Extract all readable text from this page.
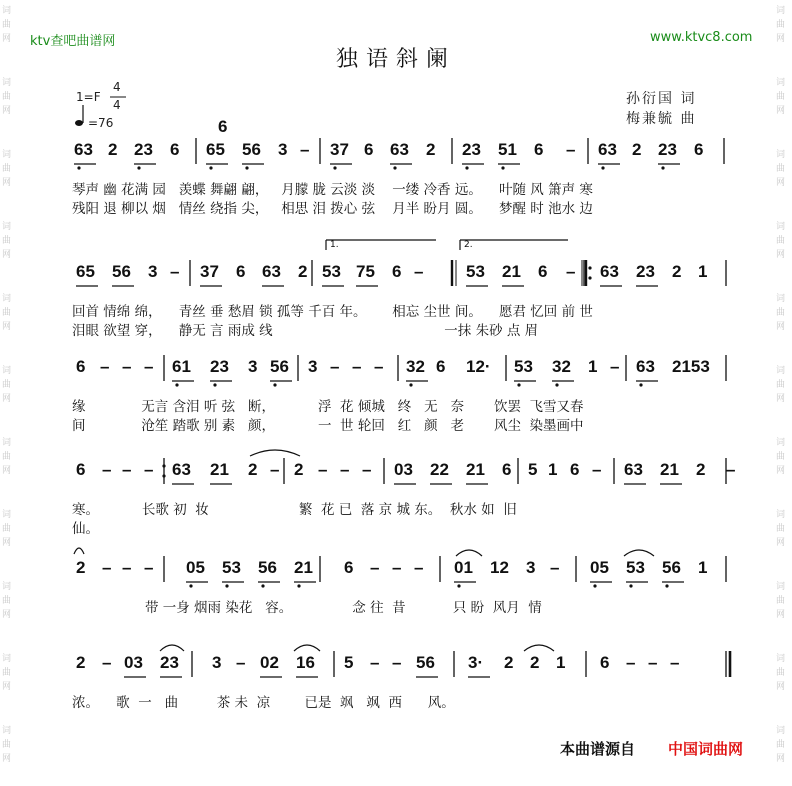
词
曲
网
词
曲
网
词
曲
网
词
曲
网
词
曲
网
词
曲
网
词
曲
网
词
曲
网
词
曲
网
词
曲
网
词
曲
网
词
曲
网
词
曲
网
词
曲
网
词
曲
网
词
曲
网
词
曲
网
词
曲
网
词
曲
网
词
曲
网
词
曲
网
词
曲
网
ktv查吧曲谱网	www.ktvc8.com
独语斜阑
1=F
4
4
=76
孙衍国 词
梅兼毓 曲
6
63 2 23 6 65 56 3 – 37 6 63 2 23 51 6 – 63 2 23 6
琴声 幽 花满 园   羡蝶 舞翩 翩，   月朦 胧 云淡 淡    一缕 冷香 远。    叶随 风 箫声 寒
残阳 退 柳以 烟   情丝 绕指 尖，   相思 泪 拨心 弦    月半 盼月 圆。    梦醒 时 池水 边
65 56 3 – 37 6 63 2 53 75 6 –	53 21 6 – 63 23 2 1
回首 情绵 绵，    青丝 垂 愁眉 锁 孤等 千百 年。      相忘 尘世 间。    愿君 忆回 前 世
泪眼 欲望 穿，    静无 言 雨成 线                                        一抹 朱砂 点 眉
1.	2.
6 – – – 61 23 3 56 3 – – – 32 6 12· 53 32 1 – 63 2153
缘             无言 含泪 听 弦   断，          浮  花 倾城   终   无   奈       饮罢  飞雪又春
间             沧笙 踏歌 别 素   颜，          一  世 轮回   红   颜   老       风尘  染墨画中
6 – – – 63 21 2 – 2 – – – 03 22 21 6 5 1 6 – 63 21 2 –
寒。          长歌 初  妆                     繁  花 已  落 京 城 东。  秋水 如  旧
仙。
2 – – – 05 53 56 21 6 – – – 01 12 3 – 05 53 56 1
带 一身 烟雨 染花   容。              念 往  昔           只 盼  风月  情
2 – 03 23 3 – 02 16 5 – – 56 3· 2 2 1 6 – – –
浓。    歌  一   曲         茶 未  凉        已是  飒   飒  西      风。
本曲谱源自 中国词曲网
